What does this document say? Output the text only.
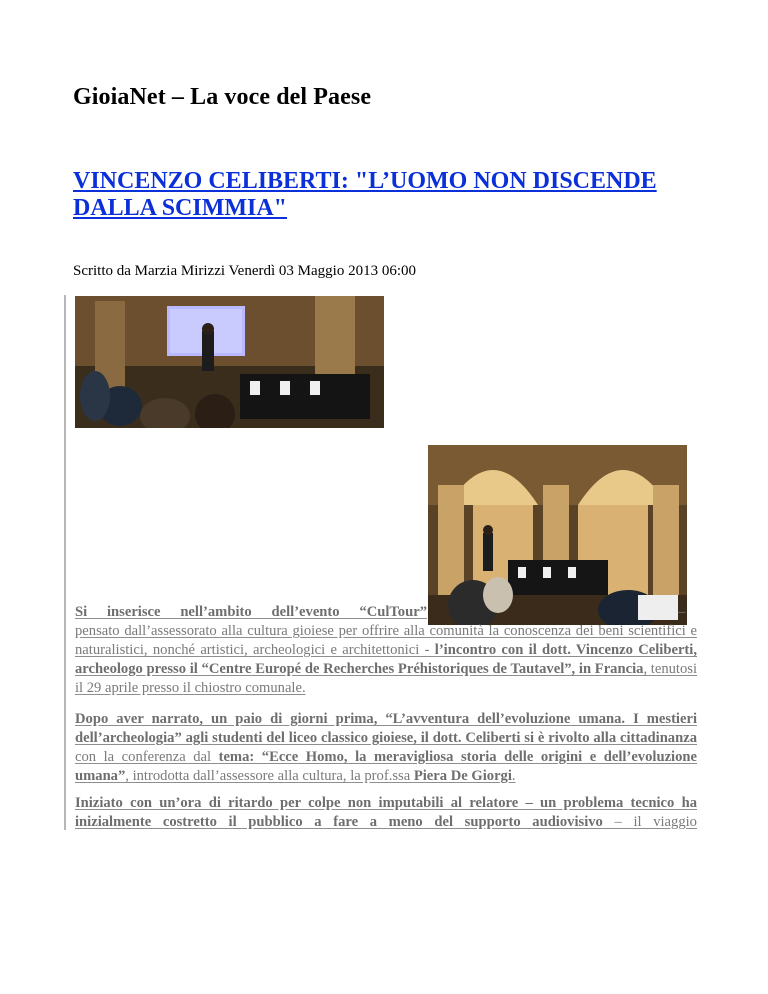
GioiaNet – La voce del Paese
VINCENZO CELIBERTI: "L’UOMO NON DISCENDE DALLA SCIMMIA"

Scritto da Marzia Mirizzi Venerdì 03 Maggio 2013 06:00

Si inserisce nell’ambito dell’evento “CulTour”	–
pensato dall’assessorato alla cultura gioiese per offrire alla comunità la conoscenza dei beni scientifici e naturalistici, nonché artistici, archeologici e architettonici - l’incontro con il dott. Vincenzo Celiberti, archeologo presso il “Centre Europé de Recherches Préhistoriques de Tautavel”, in Francia, tenutosi il 29 aprile presso il chiostro comunale.

Dopo aver narrato, un paio di giorni prima, “L’avventura dell’evoluzione umana. I mestieri dell’archeologia” agli studenti del liceo classico gioiese, il dott. Celiberti si è rivolto alla cittadinanza con la conferenza dal tema: “Ecce Homo, la meravigliosa storia delle origini e dell’evoluzione umana”, introdotta dall’assessore alla cultura, la prof.ssa Piera De Giorgi.

Iniziato con un’ora di ritardo per colpe non imputabili al relatore – un problema tecnico ha inizialmente costretto il pubblico a fare a meno del supporto audiovisivo – il viaggio
